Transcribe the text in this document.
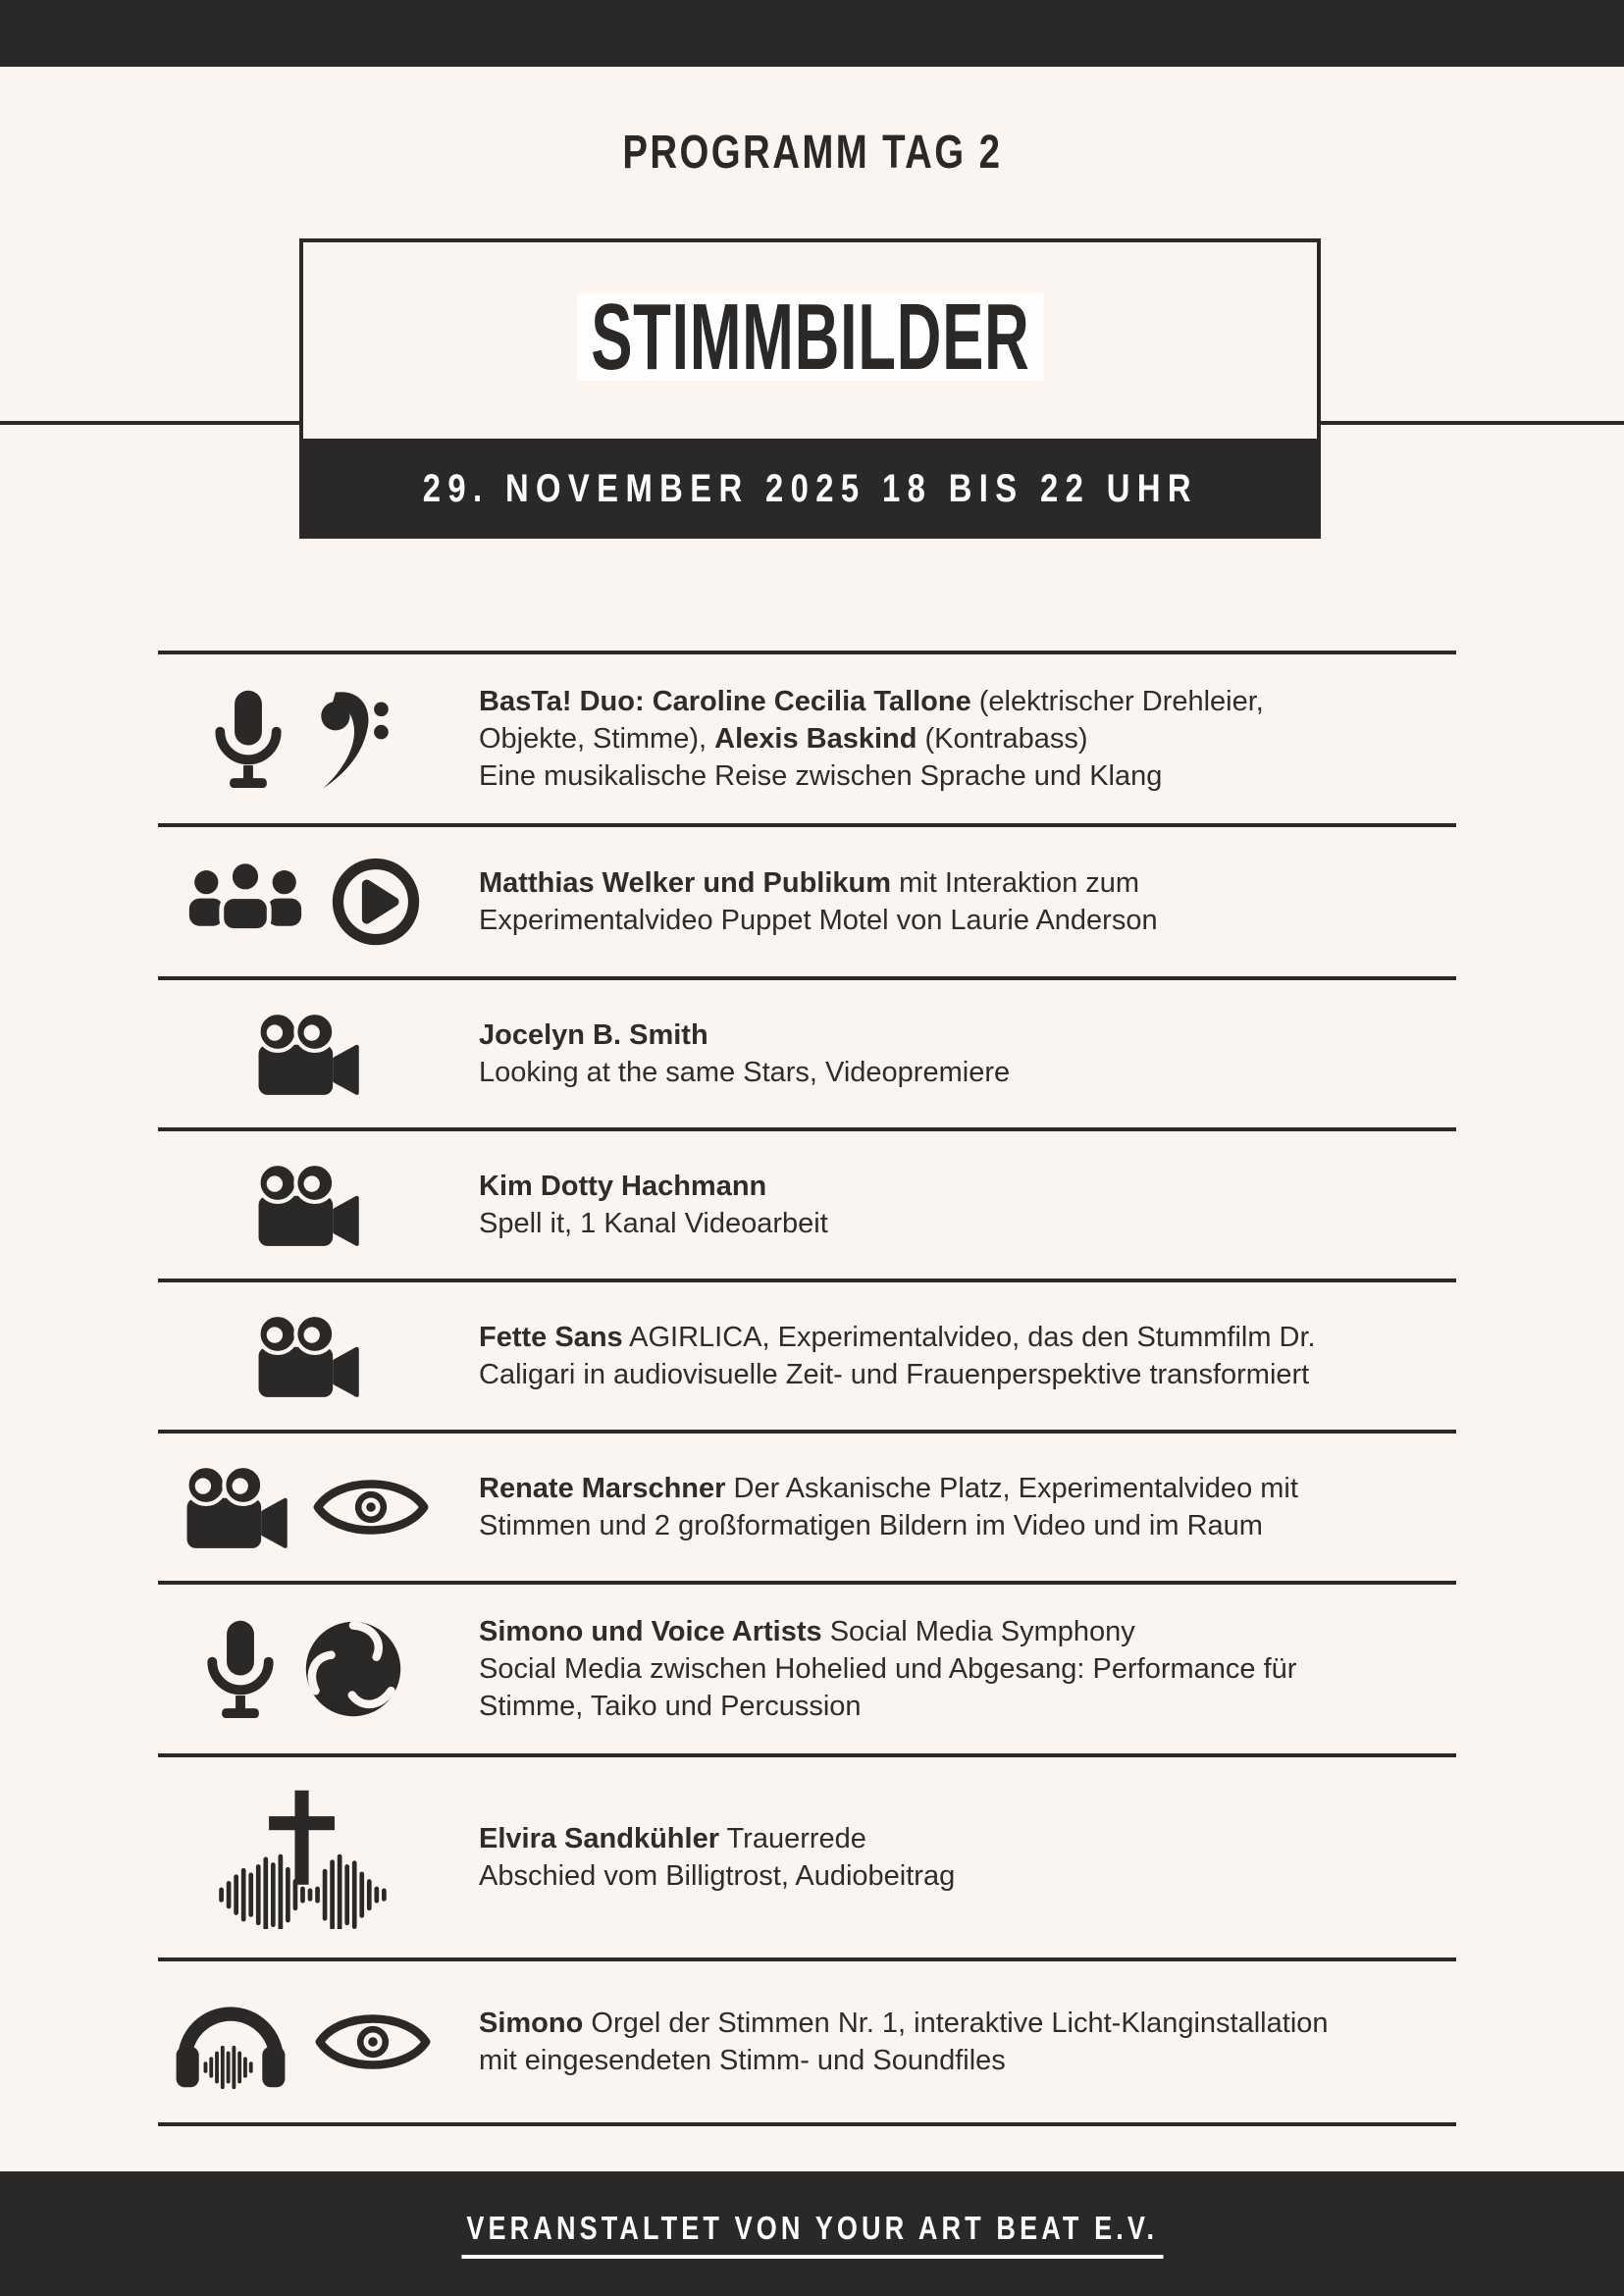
PROGRAMM TAG 2
STIMMBILDER
29. NOVEMBER 2025 18 BIS 22 UHR
BasTa! Duo: Caroline Cecilia Tallone (elektrischer Drehleier,
Objekte, Stimme), Alexis Baskind (Kontrabass)
Eine musikalische Reise zwischen Sprache und Klang
Matthias Welker und Publikum mit Interaktion zum
Experimentalvideo Puppet Motel von Laurie Anderson
Jocelyn B. Smith
Looking at the same Stars, Videopremiere
Kim Dotty Hachmann
Spell it, 1 Kanal Videoarbeit
Fette Sans AGIRLICA, Experimentalvideo, das den Stummfilm Dr.
Caligari in audiovisuelle Zeit- und Frauenperspektive transformiert
Renate Marschner Der Askanische Platz, Experimentalvideo mit
Stimmen und 2 großformatigen Bildern im Video und im Raum
Simono und Voice Artists Social Media Symphony
Social Media zwischen Hohelied und Abgesang: Performance für
Stimme, Taiko und Percussion
Elvira Sandkühler Trauerrede
Abschied vom Billigtrost, Audiobeitrag
Simono Orgel der Stimmen Nr. 1, interaktive Licht-Klanginstallation
mit eingesendeten Stimm- und Soundfiles
VERANSTALTET VON YOUR ART BEAT E.V.
